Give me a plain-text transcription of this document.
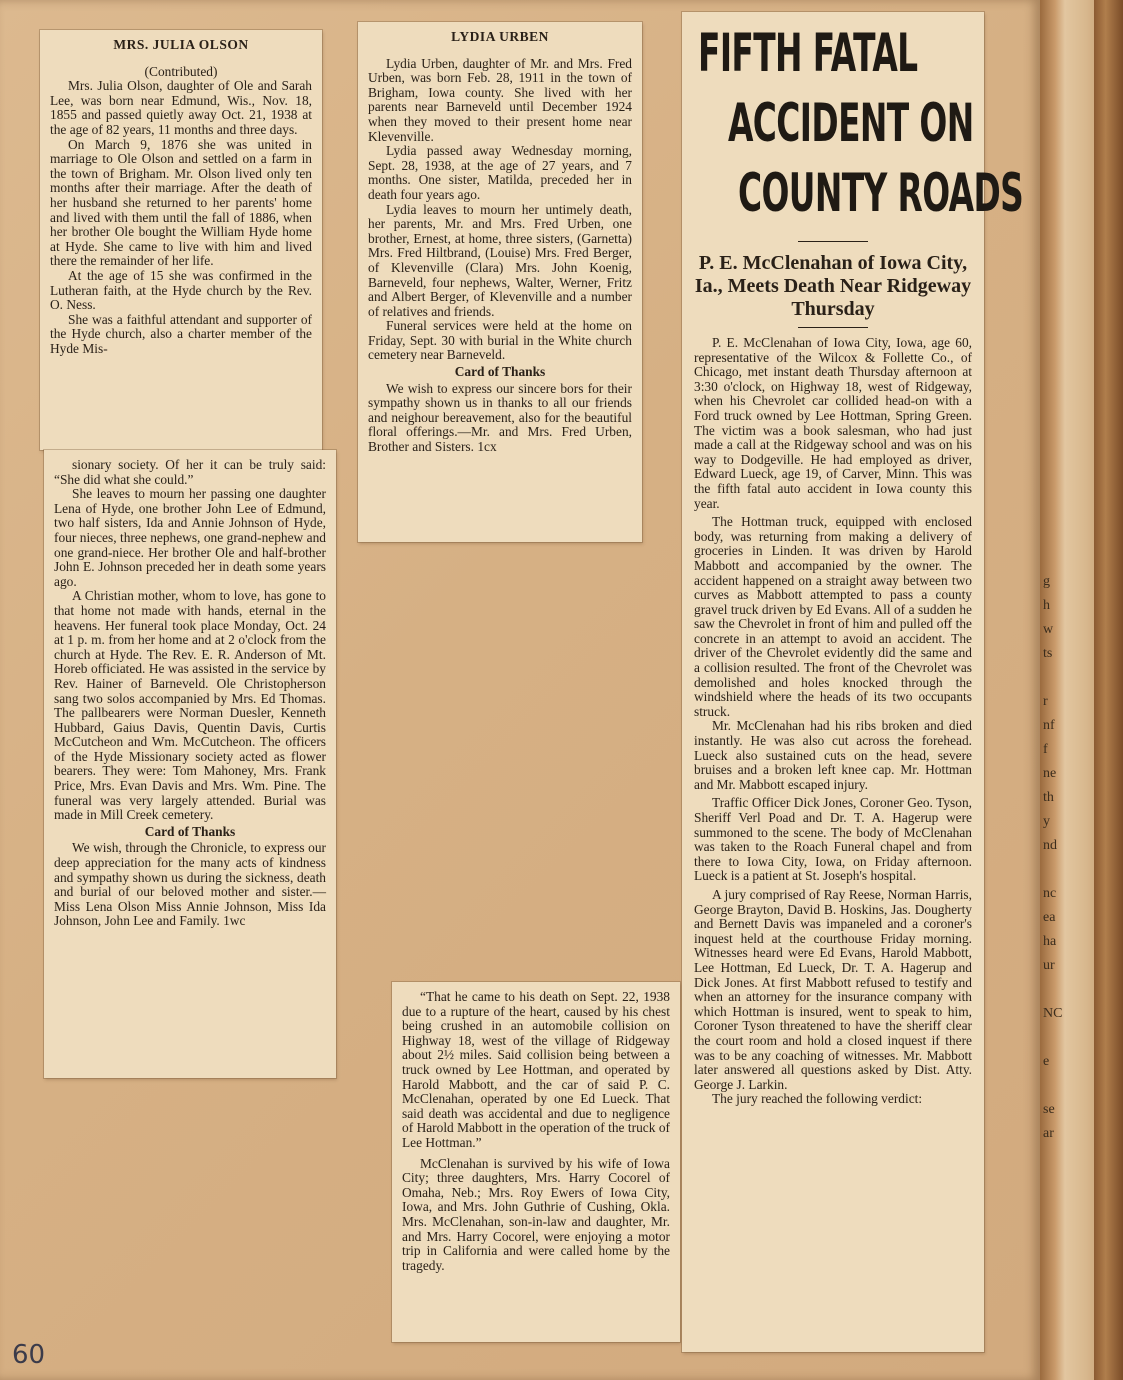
MRS. JULIA OLSON

(Contributed)

Mrs. Julia Olson, daughter of Ole and Sarah Lee, was born near Edmund, Wis., Nov. 18, 1855 and passed quietly away Oct. 21, 1938 at the age of 82 years, 11 months and three days.

On March 9, 1876 she was united in marriage to Ole Olson and settled on a farm in the town of Brigham. Mr. Olson lived only ten months after their marriage. After the death of her husband she returned to her parents' home and lived with them until the fall of 1886, when her brother Ole bought the William Hyde home at Hyde. She came to live with him and lived there the remainder of her life.

At the age of 15 she was confirmed in the Lutheran faith, at the Hyde church by the Rev. O. Ness.

She was a faithful attendant and supporter of the Hyde church, also a charter member of the Hyde Mis-

sionary society. Of her it can be truly said: “She did what she could.”

She leaves to mourn her passing one daughter Lena of Hyde, one brother John Lee of Edmund, two half sisters, Ida and Annie Johnson of Hyde, four nieces, three nephews, one grand-nephew and one grand-niece. Her brother Ole and half-brother John E. Johnson preceded her in death some years ago.

A Christian mother, whom to love, has gone to that home not made with hands, eternal in the heavens. Her funeral took place Monday, Oct. 24 at 1 p. m. from her home and at 2 o'clock from the church at Hyde. The Rev. E. R. Anderson of Mt. Horeb officiated. He was assisted in the service by Rev. Hainer of Barneveld. Ole Christopherson sang two solos accompanied by Mrs. Ed Thomas. The pallbearers were Norman Duesler, Kenneth Hubbard, Gaius Davis, Quentin Davis, Curtis McCutcheon and Wm. McCutcheon. The officers of the Hyde Missionary society acted as flower bearers. They were: Tom Mahoney, Mrs. Frank Price, Mrs. Evan Davis and Mrs. Wm. Pine. The funeral was very largely attended. Burial was made in Mill Creek cemetery.

Card of Thanks

We wish, through the Chronicle, to express our deep appreciation for the many acts of kindness and sympathy shown us during the sickness, death and burial of our beloved mother and sister.—Miss Lena Olson Miss Annie Johnson, Miss Ida Johnson, John Lee and Family. 1wc

LYDIA URBEN

Lydia Urben, daughter of Mr. and Mrs. Fred Urben, was born Feb. 28, 1911 in the town of Brigham, Iowa county. She lived with her parents near Barneveld until December 1924 when they moved to their present home near Klevenville.

Lydia passed away Wednesday morning, Sept. 28, 1938, at the age of 27 years, and 7 months. One sister, Matilda, preceded her in death four years ago.

Lydia leaves to mourn her untimely death, her parents, Mr. and Mrs. Fred Urben, one brother, Ernest, at home, three sisters, (Garnetta) Mrs. Fred Hiltbrand, (Louise) Mrs. Fred Berger, of Klevenville (Clara) Mrs. John Koenig, Barneveld, four nephews, Walter, Werner, Fritz and Albert Berger, of Klevenville and a number of relatives and friends.

Funeral services were held at the home on Friday, Sept. 30 with burial in the White church cemetery near Barneveld.

Card of Thanks

We wish to express our sincere bors for their sympathy shown us in thanks to all our friends and neighour bereavement, also for the beautiful floral offerings.—Mr. and Mrs. Fred Urben, Brother and Sisters. 1cx

“That he came to his death on Sept. 22, 1938 due to a rupture of the heart, caused by his chest being crushed in an automobile collision on Highway 18, west of the village of Ridgeway about 2½ miles. Said collision being between a truck owned by Lee Hottman, and operated by Harold Mabbott, and the car of said P. C. McClenahan, operated by one Ed Lueck. That said death was accidental and due to negligence of Harold Mabbott in the operation of the truck of Lee Hottman.”

McClenahan is survived by his wife of Iowa City; three daughters, Mrs. Harry Cocorel of Omaha, Neb.; Mrs. Roy Ewers of Iowa City, Iowa, and Mrs. John Guthrie of Cushing, Okla. Mrs. McClenahan, son-in-law and daughter, Mr. and Mrs. Harry Cocorel, were enjoying a motor trip in California and were called home by the tragedy.

FIFTH FATAL
ACCIDENT ON
COUNTY ROADS
P. E. McClenahan of Iowa City, Ia., Meets Death Near Ridgeway Thursday

P. E. McClenahan of Iowa City, Iowa, age 60, representative of the Wilcox & Follette Co., of Chicago, met instant death Thursday afternoon at 3:30 o'clock, on Highway 18, west of Ridgeway, when his Chevrolet car collided head-on with a Ford truck owned by Lee Hottman, Spring Green. The victim was a book salesman, who had just made a call at the Ridgeway school and was on his way to Dodgeville. He had employed as driver, Edward Lueck, age 19, of Carver, Minn. This was the fifth fatal auto accident in Iowa county this year.

The Hottman truck, equipped with enclosed body, was returning from making a delivery of groceries in Linden. It was driven by Harold Mabbott and accompanied by the owner. The accident happened on a straight away between two curves as Mabbott attempted to pass a county gravel truck driven by Ed Evans. All of a sudden he saw the Chevrolet in front of him and pulled off the concrete in an attempt to avoid an accident. The driver of the Chevrolet evidently did the same and a collision resulted. The front of the Chevrolet was demolished and holes knocked through the windshield where the heads of its two occupants struck.

Mr. McClenahan had his ribs broken and died instantly. He was also cut across the forehead. Lueck also sustained cuts on the head, severe bruises and a broken left knee cap. Mr. Hottman and Mr. Mabbott escaped injury.

Traffic Officer Dick Jones, Coroner Geo. Tyson, Sheriff Verl Poad and Dr. T. A. Hagerup were summoned to the scene. The body of McClenahan was taken to the Roach Funeral chapel and from there to Iowa City, Iowa, on Friday afternoon. Lueck is a patient at St. Joseph's hospital.

A jury comprised of Ray Reese, Norman Harris, George Brayton, David B. Hoskins, Jas. Dougherty and Bernett Davis was impaneled and a coroner's inquest held at the courthouse Friday morning. Witnesses heard were Ed Evans, Harold Mabbott, Lee Hottman, Ed Lueck, Dr. T. A. Hagerup and Dick Jones. At first Mabbott refused to testify and when an attorney for the insurance company with which Hottman is insured, went to speak to him, Coroner Tyson threatened to have the sheriff clear the court room and hold a closed inquest if there was to be any coaching of witnesses. Mr. Mabbott later answered all questions asked by Dist. Atty. George J. Larkin.

The jury reached the following verdict:

g
h
w
ts

r
nf
f
ne
th
y
nd

nc
ea
ha
ur

NC

e

se
ar
60
